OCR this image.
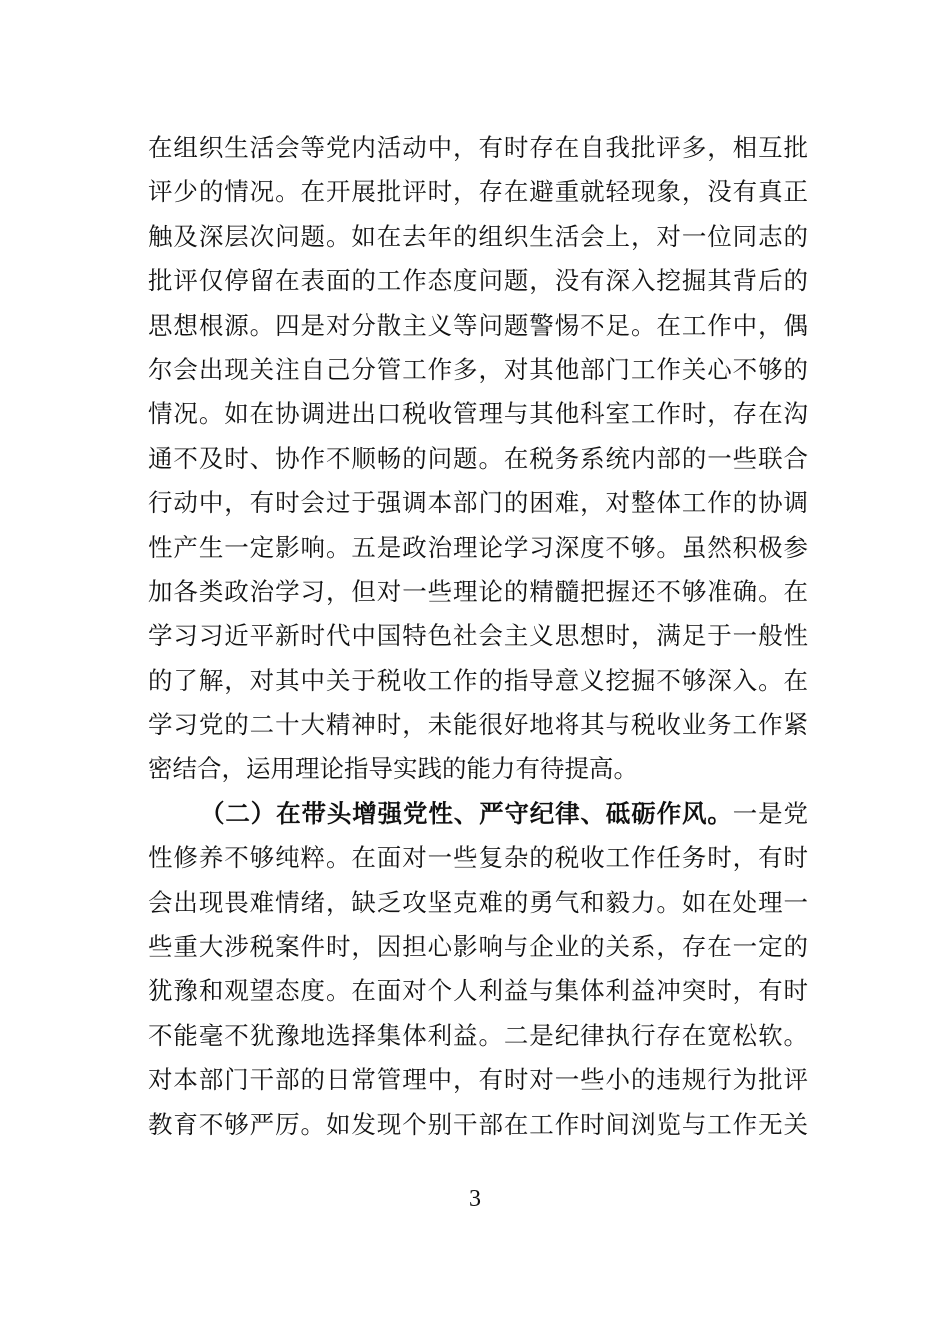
在组织生活会等党内活动中，有时存在自我批评多，相互批
评少的情况。在开展批评时，存在避重就轻现象，没有真正
触及深层次问题。如在去年的组织生活会上，对一位同志的
批评仅停留在表面的工作态度问题，没有深入挖掘其背后的
思想根源。四是对分散主义等问题警惕不足。在工作中，偶
尔会出现关注自己分管工作多，对其他部门工作关心不够的
情况。如在协调进出口税收管理与其他科室工作时，存在沟
通不及时、协作不顺畅的问题。在税务系统内部的一些联合
行动中，有时会过于强调本部门的困难，对整体工作的协调
性产生一定影响。五是政治理论学习深度不够。虽然积极参
加各类政治学习，但对一些理论的精髓把握还不够准确。在
学习习近平新时代中国特色社会主义思想时，满足于一般性
的了解，对其中关于税收工作的指导意义挖掘不够深入。在
学习党的二十大精神时，未能很好地将其与税收业务工作紧
密结合，运用理论指导实践的能力有待提高。
（二）在带头增强党性、严守纪律、砥砺作风。一是党
性修养不够纯粹。在面对一些复杂的税收工作任务时，有时
会出现畏难情绪，缺乏攻坚克难的勇气和毅力。如在处理一
些重大涉税案件时，因担心影响与企业的关系，存在一定的
犹豫和观望态度。在面对个人利益与集体利益冲突时，有时
不能毫不犹豫地选择集体利益。二是纪律执行存在宽松软。
对本部门干部的日常管理中，有时对一些小的违规行为批评
教育不够严厉。如发现个别干部在工作时间浏览与工作无关
3
